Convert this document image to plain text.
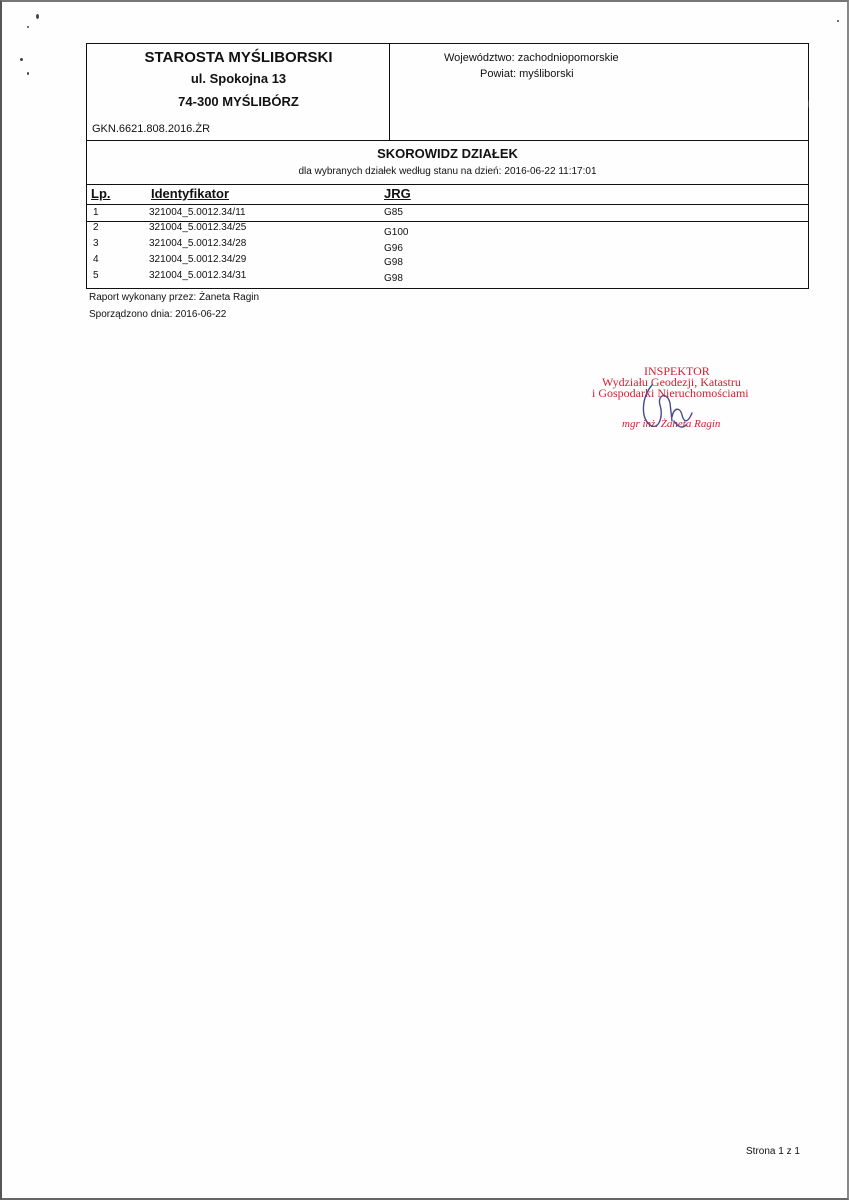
STAROSTA MYŚLIBORSKI
ul. Spokojna 13
74-300 MYŚLIBÓRZ
GKN.6621.808.2016.ŻR
Województwo: zachodniopomorskie
Powiat: myśliborski
SKOROWIDZ DZIAŁEK
dla wybranych działek według stanu na dzień: 2016-06-22 11:17:01
Lp.	Identyfikator	JRG
1	321004_5.0012.34/11	G85
2	321004_5.0012.34/25	G100
3	321004_5.0012.34/28	G96
4	321004_5.0012.34/29	G98
5	321004_5.0012.34/31	G98
Raport wykonany przez: Żaneta Ragin
Sporządzono dnia: 2016-06-22
INSPEKTOR
Wydziału Geodezji, Katastru
i Gospodarki Nieruchomościami
mgr inż. Żaneta Ragin
Strona 1 z 1
